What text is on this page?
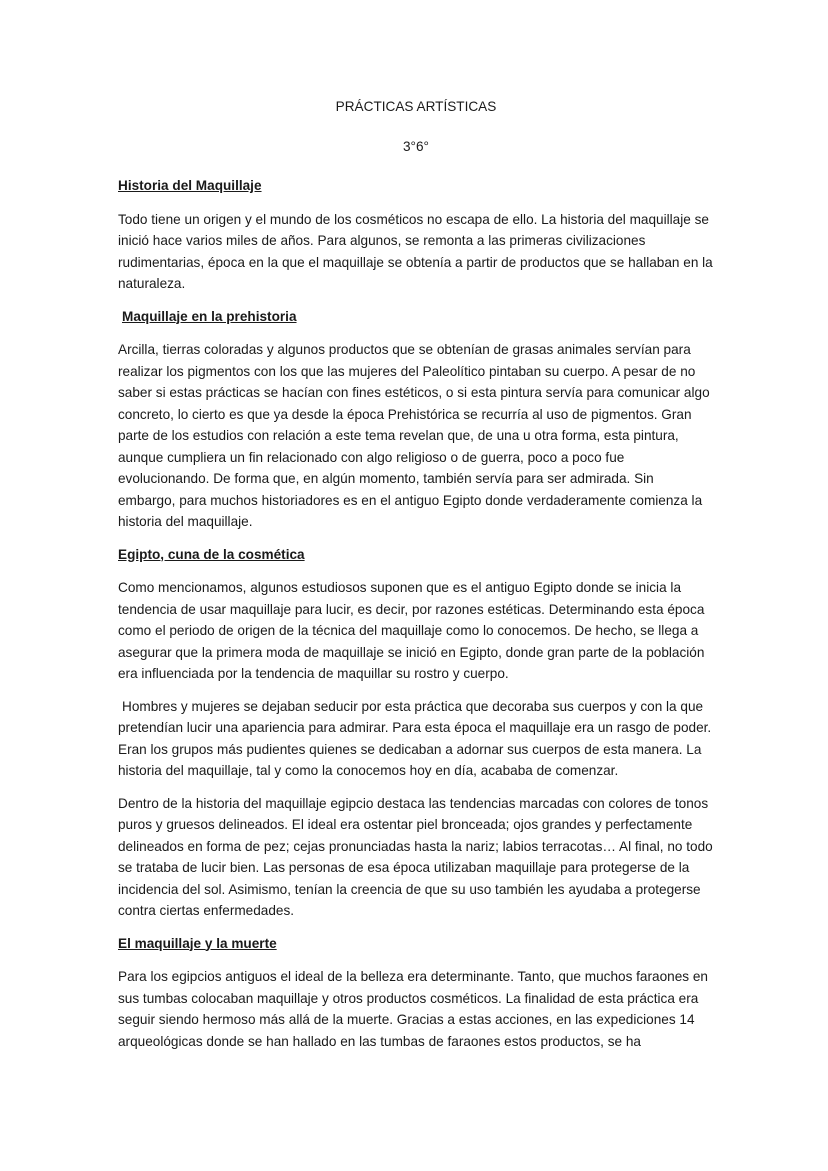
PRÁCTICAS ARTÍSTICAS

3°6°

Historia del Maquillaje

Todo tiene un origen y el mundo de los cosméticos no escapa de ello. La historia del maquillaje se inició hace varios miles de años. Para algunos, se remonta a las primeras civilizaciones rudimentarias, época en la que el maquillaje se obtenía a partir de productos que se hallaban en la naturaleza.

Maquillaje en la prehistoria

Arcilla, tierras coloradas y algunos productos que se obtenían de grasas animales servían para realizar los pigmentos con los que las mujeres del Paleolítico pintaban su cuerpo. A pesar de no saber si estas prácticas se hacían con fines estéticos, o si esta pintura servía para comunicar algo concreto, lo cierto es que ya desde la época Prehistórica se recurría al uso de pigmentos. Gran parte de los estudios con relación a este tema revelan que, de una u otra forma, esta pintura, aunque cumpliera un fin relacionado con algo religioso o de guerra, poco a poco fue evolucionando. De forma que, en algún momento, también servía para ser admirada. Sin embargo, para muchos historiadores es en el antiguo Egipto donde verdaderamente comienza la historia del maquillaje.

Egipto, cuna de la cosmética

Como mencionamos, algunos estudiosos suponen que es el antiguo Egipto donde se inicia la tendencia de usar maquillaje para lucir, es decir, por razones estéticas. Determinando esta época como el periodo de origen de la técnica del maquillaje como lo conocemos. De hecho, se llega a asegurar que la primera moda de maquillaje se inició en Egipto, donde gran parte de la población era influenciada por la tendencia de maquillar su rostro y cuerpo.

Hombres y mujeres se dejaban seducir por esta práctica que decoraba sus cuerpos y con la que pretendían lucir una apariencia para admirar. Para esta época el maquillaje era un rasgo de poder. Eran los grupos más pudientes quienes se dedicaban a adornar sus cuerpos de esta manera. La historia del maquillaje, tal y como la conocemos hoy en día, acababa de comenzar.

Dentro de la historia del maquillaje egipcio destaca las tendencias marcadas con colores de tonos puros y gruesos delineados. El ideal era ostentar piel bronceada; ojos grandes y perfectamente delineados en forma de pez; cejas pronunciadas hasta la nariz; labios terracotas… Al final, no todo se trataba de lucir bien. Las personas de esa época utilizaban maquillaje para protegerse de la incidencia del sol. Asimismo, tenían la creencia de que su uso también les ayudaba a protegerse contra ciertas enfermedades.

El maquillaje y la muerte

Para los egipcios antiguos el ideal de la belleza era determinante. Tanto, que muchos faraones en sus tumbas colocaban maquillaje y otros productos cosméticos. La finalidad de esta práctica era seguir siendo hermoso más allá de la muerte. Gracias a estas acciones, en las expediciones 14 arqueológicas donde se han hallado en las tumbas de faraones estos productos, se ha
